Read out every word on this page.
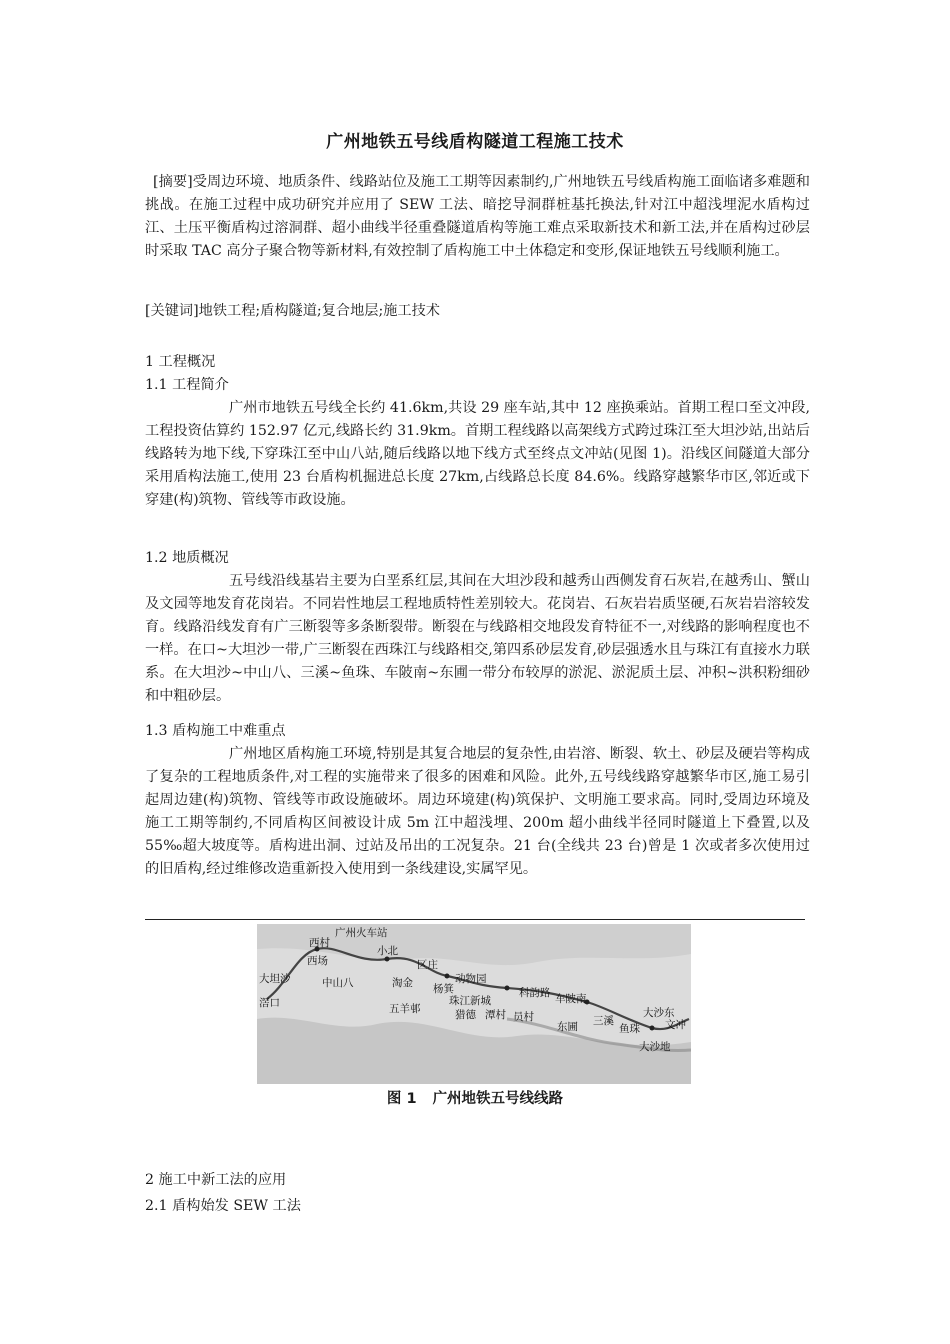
广州地铁五号线盾构隧道工程施工技术

[摘要]受周边环境、地质条件、线路站位及施工工期等因素制约,广州地铁五号线盾构施工面临诸多难题和挑战。在施工过程中成功研究并应用了 SEW 工法、暗挖导洞群桩基托换法,针对江中超浅埋泥水盾构过江、土压平衡盾构过溶洞群、超小曲线半径重叠隧道盾构等施工难点采取新技术和新工法,并在盾构过砂层时采取 TAC 高分子聚合物等新材料,有效控制了盾构施工中土体稳定和变形,保证地铁五号线顺利施工。

[关键词]地铁工程;盾构隧道;复合地层;施工技术

1 工程概况

1.1 工程简介

广州市地铁五号线全长约 41.6km,共设 29 座车站,其中 12 座换乘站。首期工程口至文冲段,工程投资估算约 152.97 亿元,线路长约 31.9km。首期工程线路以高架线方式跨过珠江至大坦沙站,出站后线路转为地下线,下穿珠江至中山八站,随后线路以地下线方式至终点文冲站(见图 1)。沿线区间隧道大部分采用盾构法施工,使用 23 台盾构机掘进总长度 27km,占线路总长度 84.6%。线路穿越繁华市区,邻近或下穿建(构)筑物、管线等市政设施。

1.2 地质概况

五号线沿线基岩主要为白垩系红层,其间在大坦沙段和越秀山西侧发育石灰岩,在越秀山、蟹山及文园等地发育花岗岩。不同岩性地层工程地质特性差别较大。花岗岩、石灰岩岩质坚硬,石灰岩岩溶较发育。线路沿线发育有广三断裂等多条断裂带。断裂在与线路相交地段发育特征不一,对线路的影响程度也不一样。在口~大坦沙一带,广三断裂在西珠江与线路相交,第四系砂层发育,砂层强透水且与珠江有直接水力联系。在大坦沙~中山八、三溪~鱼珠、车陂南~东圃一带分布较厚的淤泥、淤泥质土层、冲积~洪积粉细砂和中粗砂层。

1.3 盾构施工中难重点

广州地区盾构施工环境,特别是其复合地层的复杂性,由岩溶、断裂、软土、砂层及硬岩等构成了复杂的工程地质条件,对工程的实施带来了很多的困难和风险。此外,五号线线路穿越繁华市区,施工易引起周边建(构)筑物、管线等市政设施破坏。周边环境建(构)筑保护、文明施工要求高。同时,受周边环境及施工工期等制约,不同盾构区间被设计成 5m 江中超浅埋、200m 超小曲线半径同时隧道上下叠置,以及 55‰超大坡度等。盾构进出洞、过站及吊出的工况复杂。21 台(全线共 23 台)曾是 1 次或者多次使用过的旧盾构,经过维修改造重新投入使用到一条线建设,实属罕见。

广州火车站
西村
西场
小北
区庄
动物园
大坦沙	中山八	淘金
滘口	五羊邨
杨箕
珠江新城
猎德 潭村 员村
科韵路 车陂南
东圃 三溪
鱼珠
大沙东
大沙地
文冲
图 1 广州地铁五号线线路

2 施工中新工法的应用

2.1 盾构始发 SEW 工法
